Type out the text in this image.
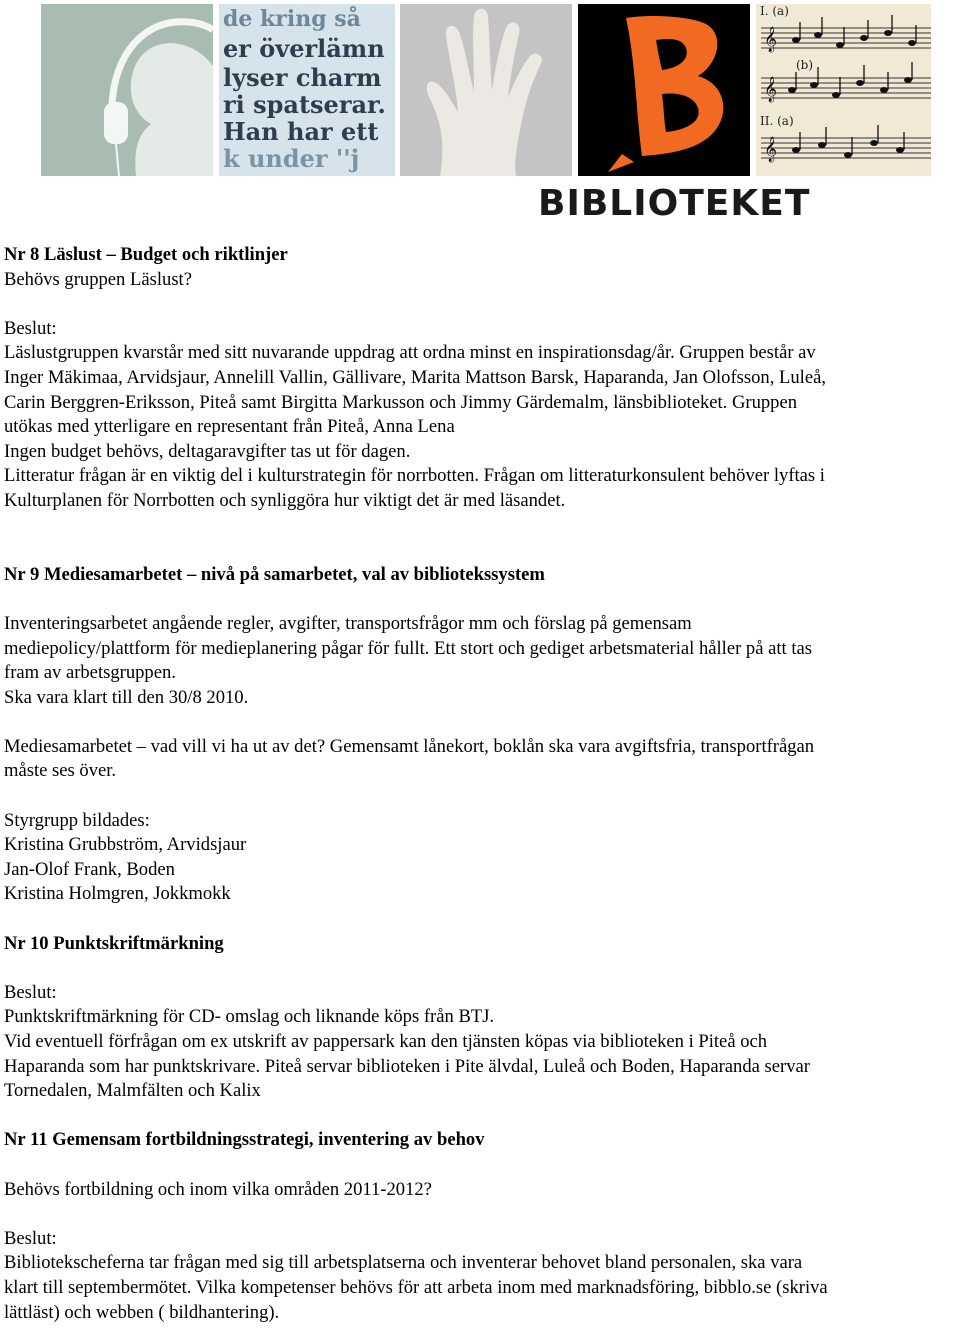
de kring så
er överlämn
lyser charm
ri spatserar.
Han har ett
k under ''j
𝄞
𝄞
𝄞
I. (a)
(b)
II. (a)
BIBLIOTEKET

Nr 8 Läslust – Budget och riktlinjer

Behövs gruppen Läslust?

Beslut:

Läslustgruppen kvarstår med sitt nuvarande uppdrag att ordna minst en inspirationsdag/år. Gruppen består av

Inger Mäkimaa, Arvidsjaur, Annelill Vallin, Gällivare, Marita Mattson Barsk, Haparanda, Jan Olofsson, Luleå,

Carin Berggren-Eriksson, Piteå samt Birgitta Markusson och Jimmy Gärdemalm, länsbiblioteket. Gruppen

utökas med ytterligare en representant från Piteå, Anna Lena

Ingen budget behövs, deltagaravgifter tas ut för dagen.

Litteratur frågan är en viktig del i kulturstrategin för norrbotten. Frågan om litteraturkonsulent behöver lyftas i

Kulturplanen för Norrbotten och synliggöra hur viktigt det är med läsandet.

Nr 9 Mediesamarbetet – nivå på samarbetet, val av bibliotekssystem

Inventeringsarbetet angående regler, avgifter, transportsfrågor mm och förslag på gemensam

mediepolicy/plattform för medieplanering pågar för fullt. Ett stort och gediget arbetsmaterial håller på att tas

fram av arbetsgruppen.

Ska vara klart till den 30/8 2010.

Mediesamarbetet – vad vill vi ha ut av det? Gemensamt lånekort, boklån ska vara avgiftsfria, transportfrågan

måste ses över.

Styrgrupp bildades:

Kristina Grubbström, Arvidsjaur

Jan-Olof Frank, Boden

Kristina Holmgren, Jokkmokk

Nr 10 Punktskriftmärkning

Beslut:

Punktskriftmärkning för CD- omslag och liknande köps från BTJ.

Vid eventuell förfrågan om ex utskrift av pappersark kan den tjänsten köpas via biblioteken i Piteå och

Haparanda som har punktskrivare. Piteå servar biblioteken i Pite älvdal, Luleå och Boden, Haparanda servar

Tornedalen, Malmfälten och Kalix

Nr 11 Gemensam fortbildningsstrategi, inventering av behov

Behövs fortbildning och inom vilka områden 2011-2012?

Beslut:

Bibliotekscheferna tar frågan med sig till arbetsplatserna och inventerar behovet bland personalen, ska vara

klart till septembermötet. Vilka kompetenser behövs för att arbeta inom med marknadsföring, bibblo.se (skriva

lättläst) och webben ( bildhantering).
